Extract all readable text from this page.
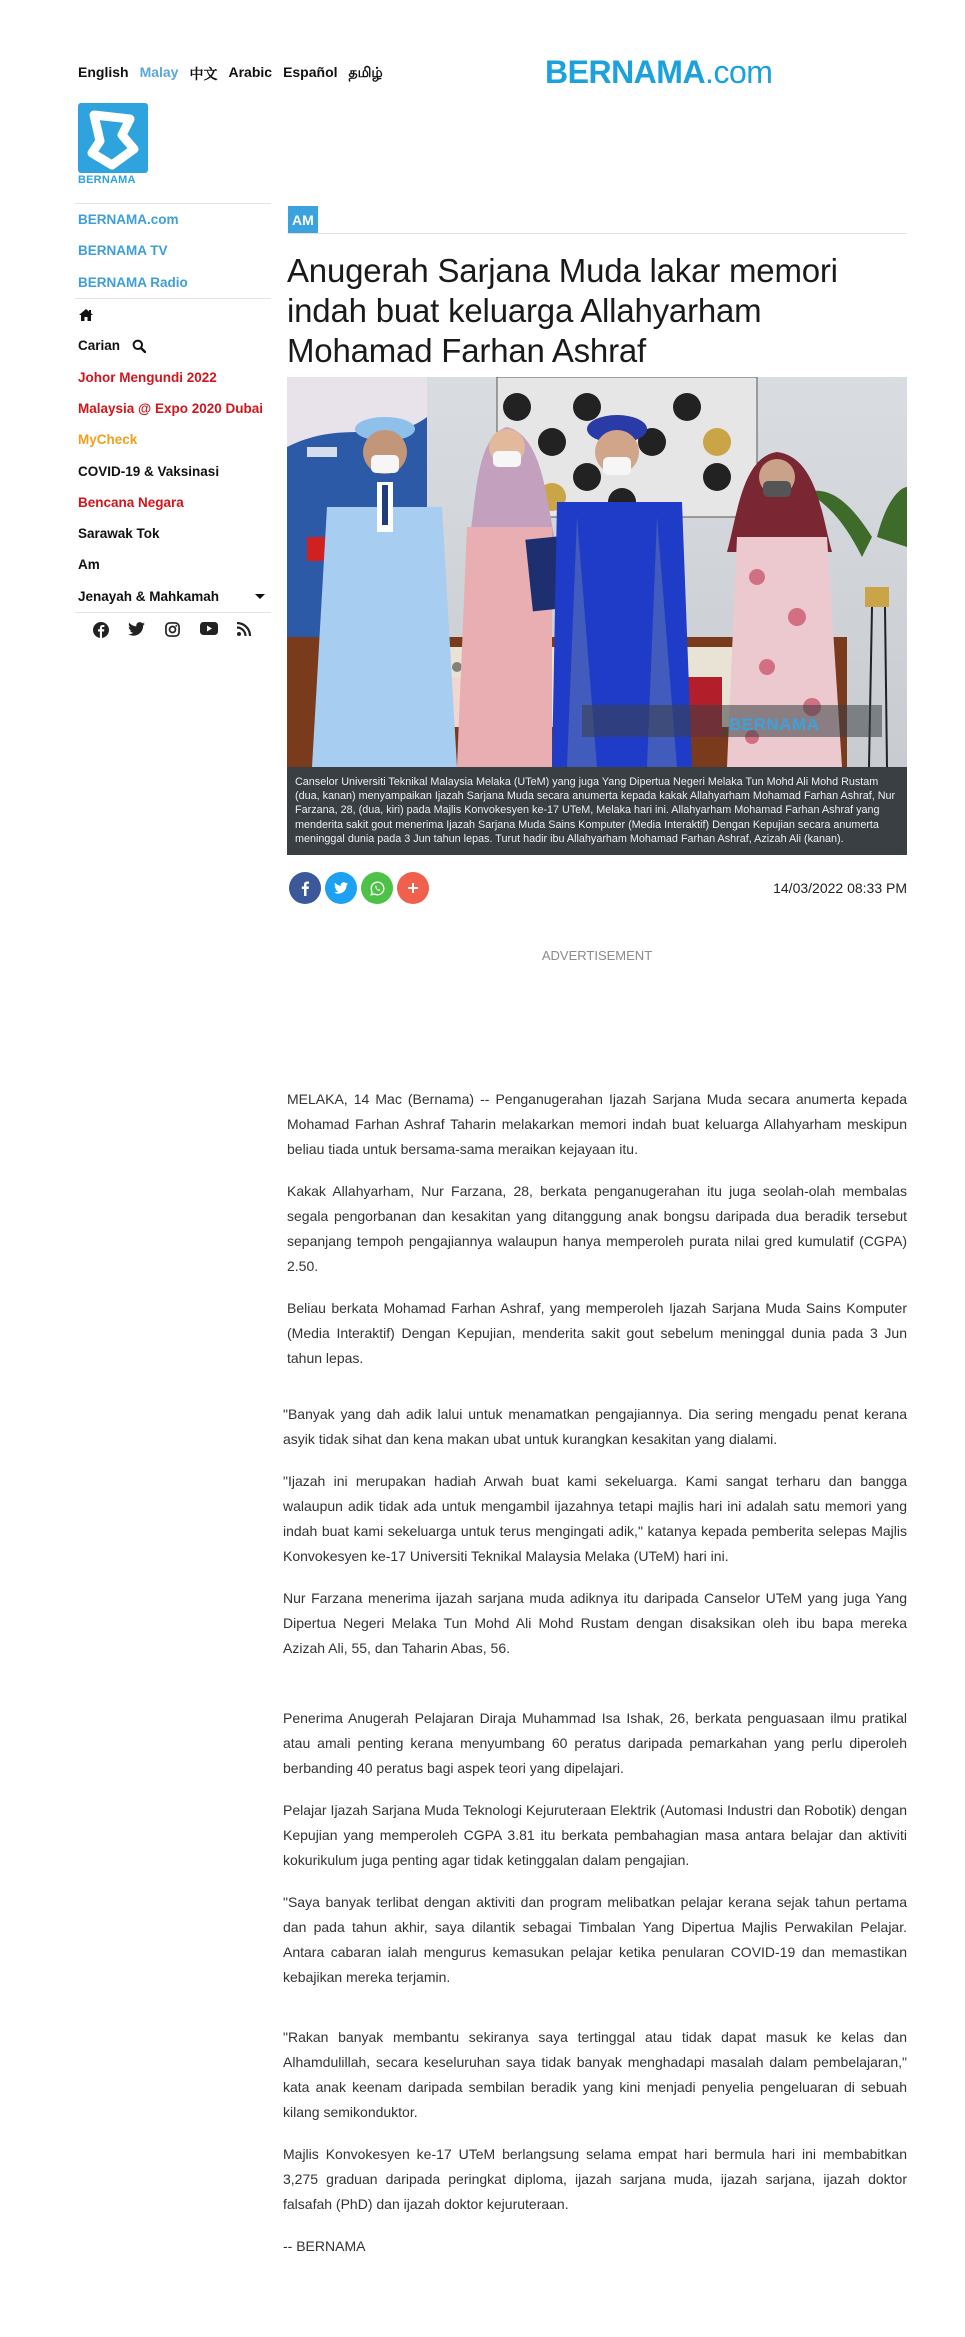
English Malay 中文 Arabic Español தமிழ்	BERNAMA.com
BERNAMA
BERNAMA.com
BERNAMA TV
BERNAMA Radio
Carian
Johor Mengundi 2022
Malaysia @ Expo 2020 Dubai
MyCheck
COVID-19 & Vaksinasi
Bencana Negara
Sarawak Tok
Am
Jenayah & Mahkamah
AM
Anugerah Sarjana Muda lakar memori indah buat keluarga Allahyarham Mohamad Farhan Ashraf
BERNAMA
Canselor Universiti Teknikal Malaysia Melaka (UTeM) yang juga Yang Dipertua Negeri Melaka Tun Mohd Ali Mohd Rustam (dua, kanan) menyampaikan Ijazah Sarjana Muda secara anumerta kepada kakak Allahyarham Mohamad Farhan Ashraf, Nur Farzana, 28, (dua, kiri) pada Majlis Konvokesyen ke-17 UTeM, Melaka hari ini. Allahyarham Mohamad Farhan Ashraf yang menderita sakit gout menerima Ijazah Sarjana Muda Sains Komputer (Media Interaktif) Dengan Kepujian secara anumerta meninggal dunia pada 3 Jun tahun lepas. Turut hadir ibu Allahyarham Mohamad Farhan Ashraf, Azizah Ali (kanan).
14/03/2022 08:33 PM
ADVERTISEMENT

MELAKA, 14 Mac (Bernama) -- Penganugerahan Ijazah Sarjana Muda secara anumerta kepada Mohamad Farhan Ashraf Taharin melakarkan memori indah buat keluarga Allahyarham meskipun beliau tiada untuk bersama-sama meraikan kejayaan itu.

Kakak Allahyarham, Nur Farzana, 28, berkata penganugerahan itu juga seolah-olah membalas segala pengorbanan dan kesakitan yang ditanggung anak bongsu daripada dua beradik tersebut sepanjang tempoh pengajiannya walaupun hanya memperoleh purata nilai gred kumulatif (CGPA) 2.50.

Beliau berkata Mohamad Farhan Ashraf, yang memperoleh Ijazah Sarjana Muda Sains Komputer (Media Interaktif) Dengan Kepujian, menderita sakit gout sebelum meninggal dunia pada 3 Jun tahun lepas.

"Banyak yang dah adik lalui untuk menamatkan pengajiannya. Dia sering mengadu penat kerana asyik tidak sihat dan kena makan ubat untuk kurangkan kesakitan yang dialami.

"Ijazah ini merupakan hadiah Arwah buat kami sekeluarga. Kami sangat terharu dan bangga walaupun adik tidak ada untuk mengambil ijazahnya tetapi majlis hari ini adalah satu memori yang indah buat kami sekeluarga untuk terus mengingati adik," katanya kepada pemberita selepas Majlis Konvokesyen ke-17 Universiti Teknikal Malaysia Melaka (UTeM) hari ini.

Nur Farzana menerima ijazah sarjana muda adiknya itu daripada Canselor UTeM yang juga Yang Dipertua Negeri Melaka Tun Mohd Ali Mohd Rustam dengan disaksikan oleh ibu bapa mereka Azizah Ali, 55, dan Taharin Abas, 56.

Penerima Anugerah Pelajaran Diraja Muhammad Isa Ishak, 26, berkata penguasaan ilmu pratikal atau amali penting kerana menyumbang 60 peratus daripada pemarkahan yang perlu diperoleh berbanding 40 peratus bagi aspek teori yang dipelajari.

Pelajar Ijazah Sarjana Muda Teknologi Kejuruteraan Elektrik (Automasi Industri dan Robotik) dengan Kepujian yang memperoleh CGPA 3.81 itu berkata pembahagian masa antara belajar dan aktiviti kokurikulum juga penting agar tidak ketinggalan dalam pengajian.

"Saya banyak terlibat dengan aktiviti dan program melibatkan pelajar kerana sejak tahun pertama dan pada tahun akhir, saya dilantik sebagai Timbalan Yang Dipertua Majlis Perwakilan Pelajar. Antara cabaran ialah mengurus kemasukan pelajar ketika penularan COVID-19 dan memastikan kebajikan mereka terjamin.

"Rakan banyak membantu sekiranya saya tertinggal atau tidak dapat masuk ke kelas dan Alhamdulillah, secara keseluruhan saya tidak banyak menghadapi masalah dalam pembelajaran," kata anak keenam daripada sembilan beradik yang kini menjadi penyelia pengeluaran di sebuah kilang semikonduktor.

Majlis Konvokesyen ke-17 UTeM berlangsung selama empat hari bermula hari ini membabitkan 3,275 graduan daripada peringkat diploma, ijazah sarjana muda, ijazah sarjana, ijazah doktor falsafah (PhD) dan ijazah doktor kejuruteraan.

-- BERNAMA
